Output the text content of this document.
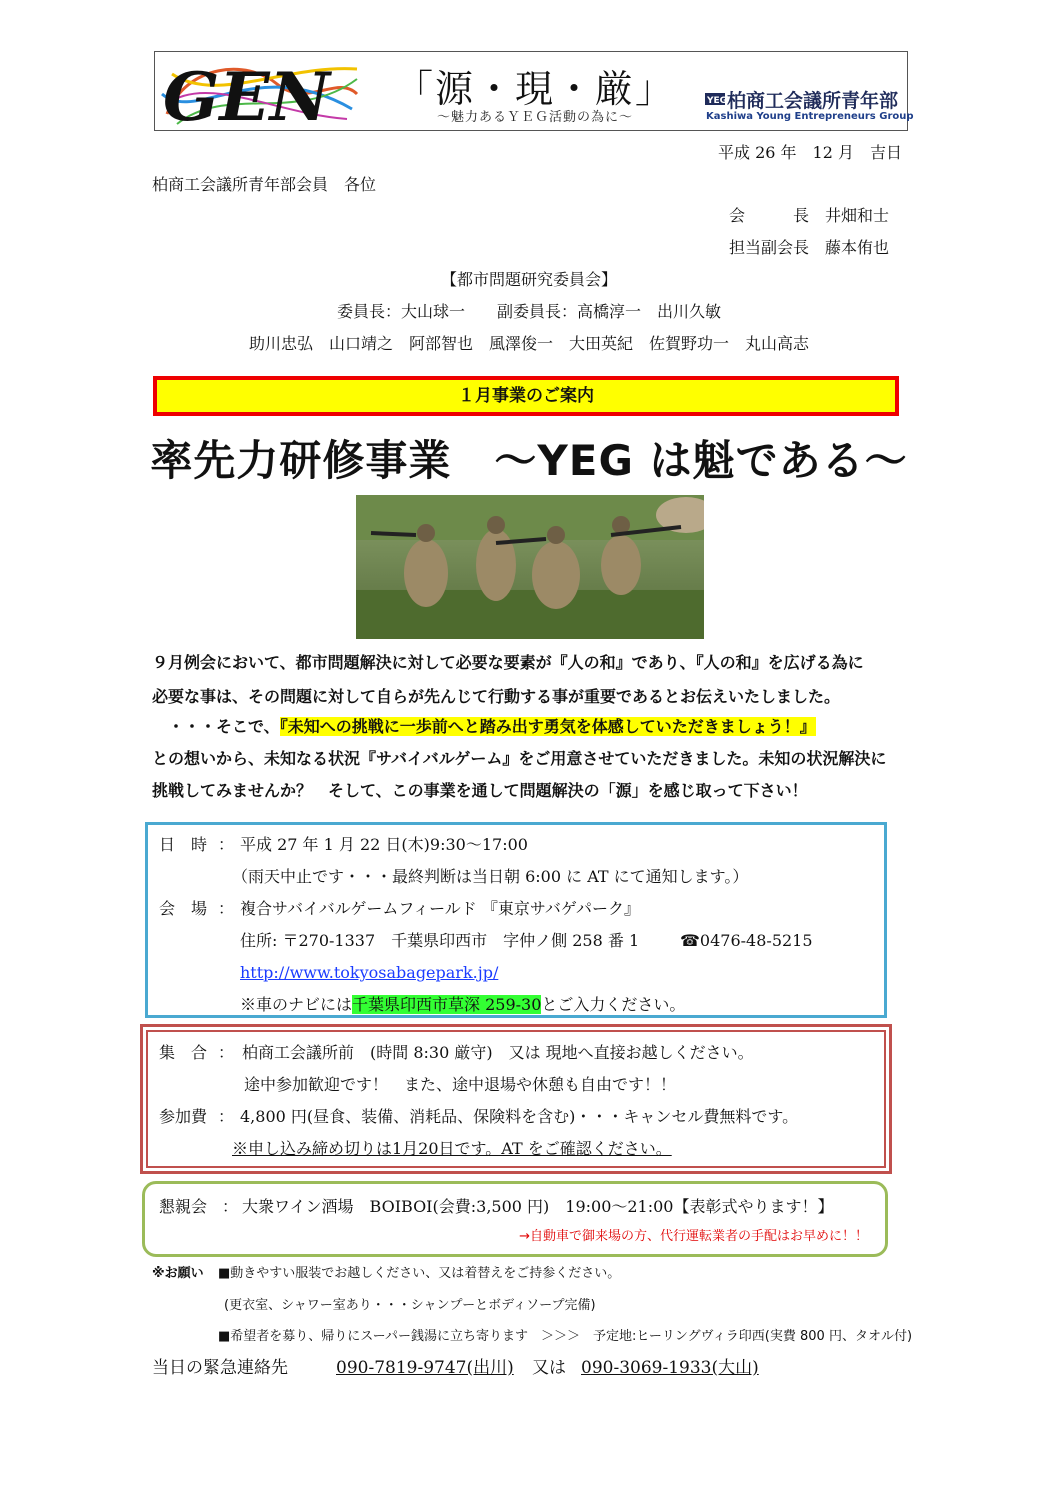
GEN	「源・現・厳」
～魅力あるＹＥＧ活動の為に～
YEG 柏商工会議所青年部
Kashiwa Young Entrepreneurs Group
平成 26 年　12 月　吉日
柏商工会議所青年部会員　各位
会　　　長　井畑和士
担当副会長　藤本侑也
【都市問題研究委員会】
委員長：大山球一　　副委員長：高橋淳一　出川久敏
助川忠弘　山口靖之　阿部智也　風澤俊一　大田英紀　佐賀野功一　丸山高志
１月事業のご案内
率先力研修事業　～YEG は魁である～
９月例会において、都市問題解決に対して必要な要素が『人の和』であり、『人の和』を広げる為に
必要な事は、その問題に対して自らが先んじて行動する事が重要であるとお伝えいたしました。
・・・そこで、『未知への挑戦に一歩前へと踏み出す勇気を体感していただきましょう！』
との想いから、未知なる状況『サバイバルゲーム』をご用意させていただきました。未知の状況解決に
挑戦してみませんか？　そして、この事業を通して問題解決の「源」を感じ取って下さい！
日　時 ： 平成 27 年 1 月 22 日(木)9:30～17:00
（雨天中止です・・・最終判断は当日朝 6:00 に AT にて通知します。）
会　場 ： 複合サバイバルゲームフィールド 『東京サバゲパーク』
住所: 〒270-1337　千葉県印西市　字仲ノ側 258 番 1	☎0476-48-5215
http://www.tokyosabagepark.jp/
※車のナビには千葉県印西市草深 259-30とご入力ください。
集　合 ： 柏商工会議所前　(時間 8:30 厳守)　又は 現地へ直接お越しください。
途中参加歓迎です！　また、途中退場や休憩も自由です！！
参加費 ： 4,800 円(昼食、装備、消耗品、保険料を含む)・・・キャンセル費無料です。
※申し込み締め切りは1月20日です。AT をご確認ください。
懇親会 ： 大衆ワイン酒場　BOIBOI(会費:3,500 円)　19:00～21:00【表彰式やります！】
→自動車で御来場の方、代行運転業者の手配はお早めに！！
※お願い ■動きやすい服装でお越しください、又は着替えをご持参ください。
(更衣室、シャワー室あり・・・シャンプーとボディソープ完備)
■希望者を募り、帰りにスーパー銭湯に立ち寄ります　＞＞＞　予定地:ヒーリングヴィラ印西(実費 800 円、タオル付)
当日の緊急連絡先	090-7819-9747(出川) 又は 090-3069-1933(大山)
